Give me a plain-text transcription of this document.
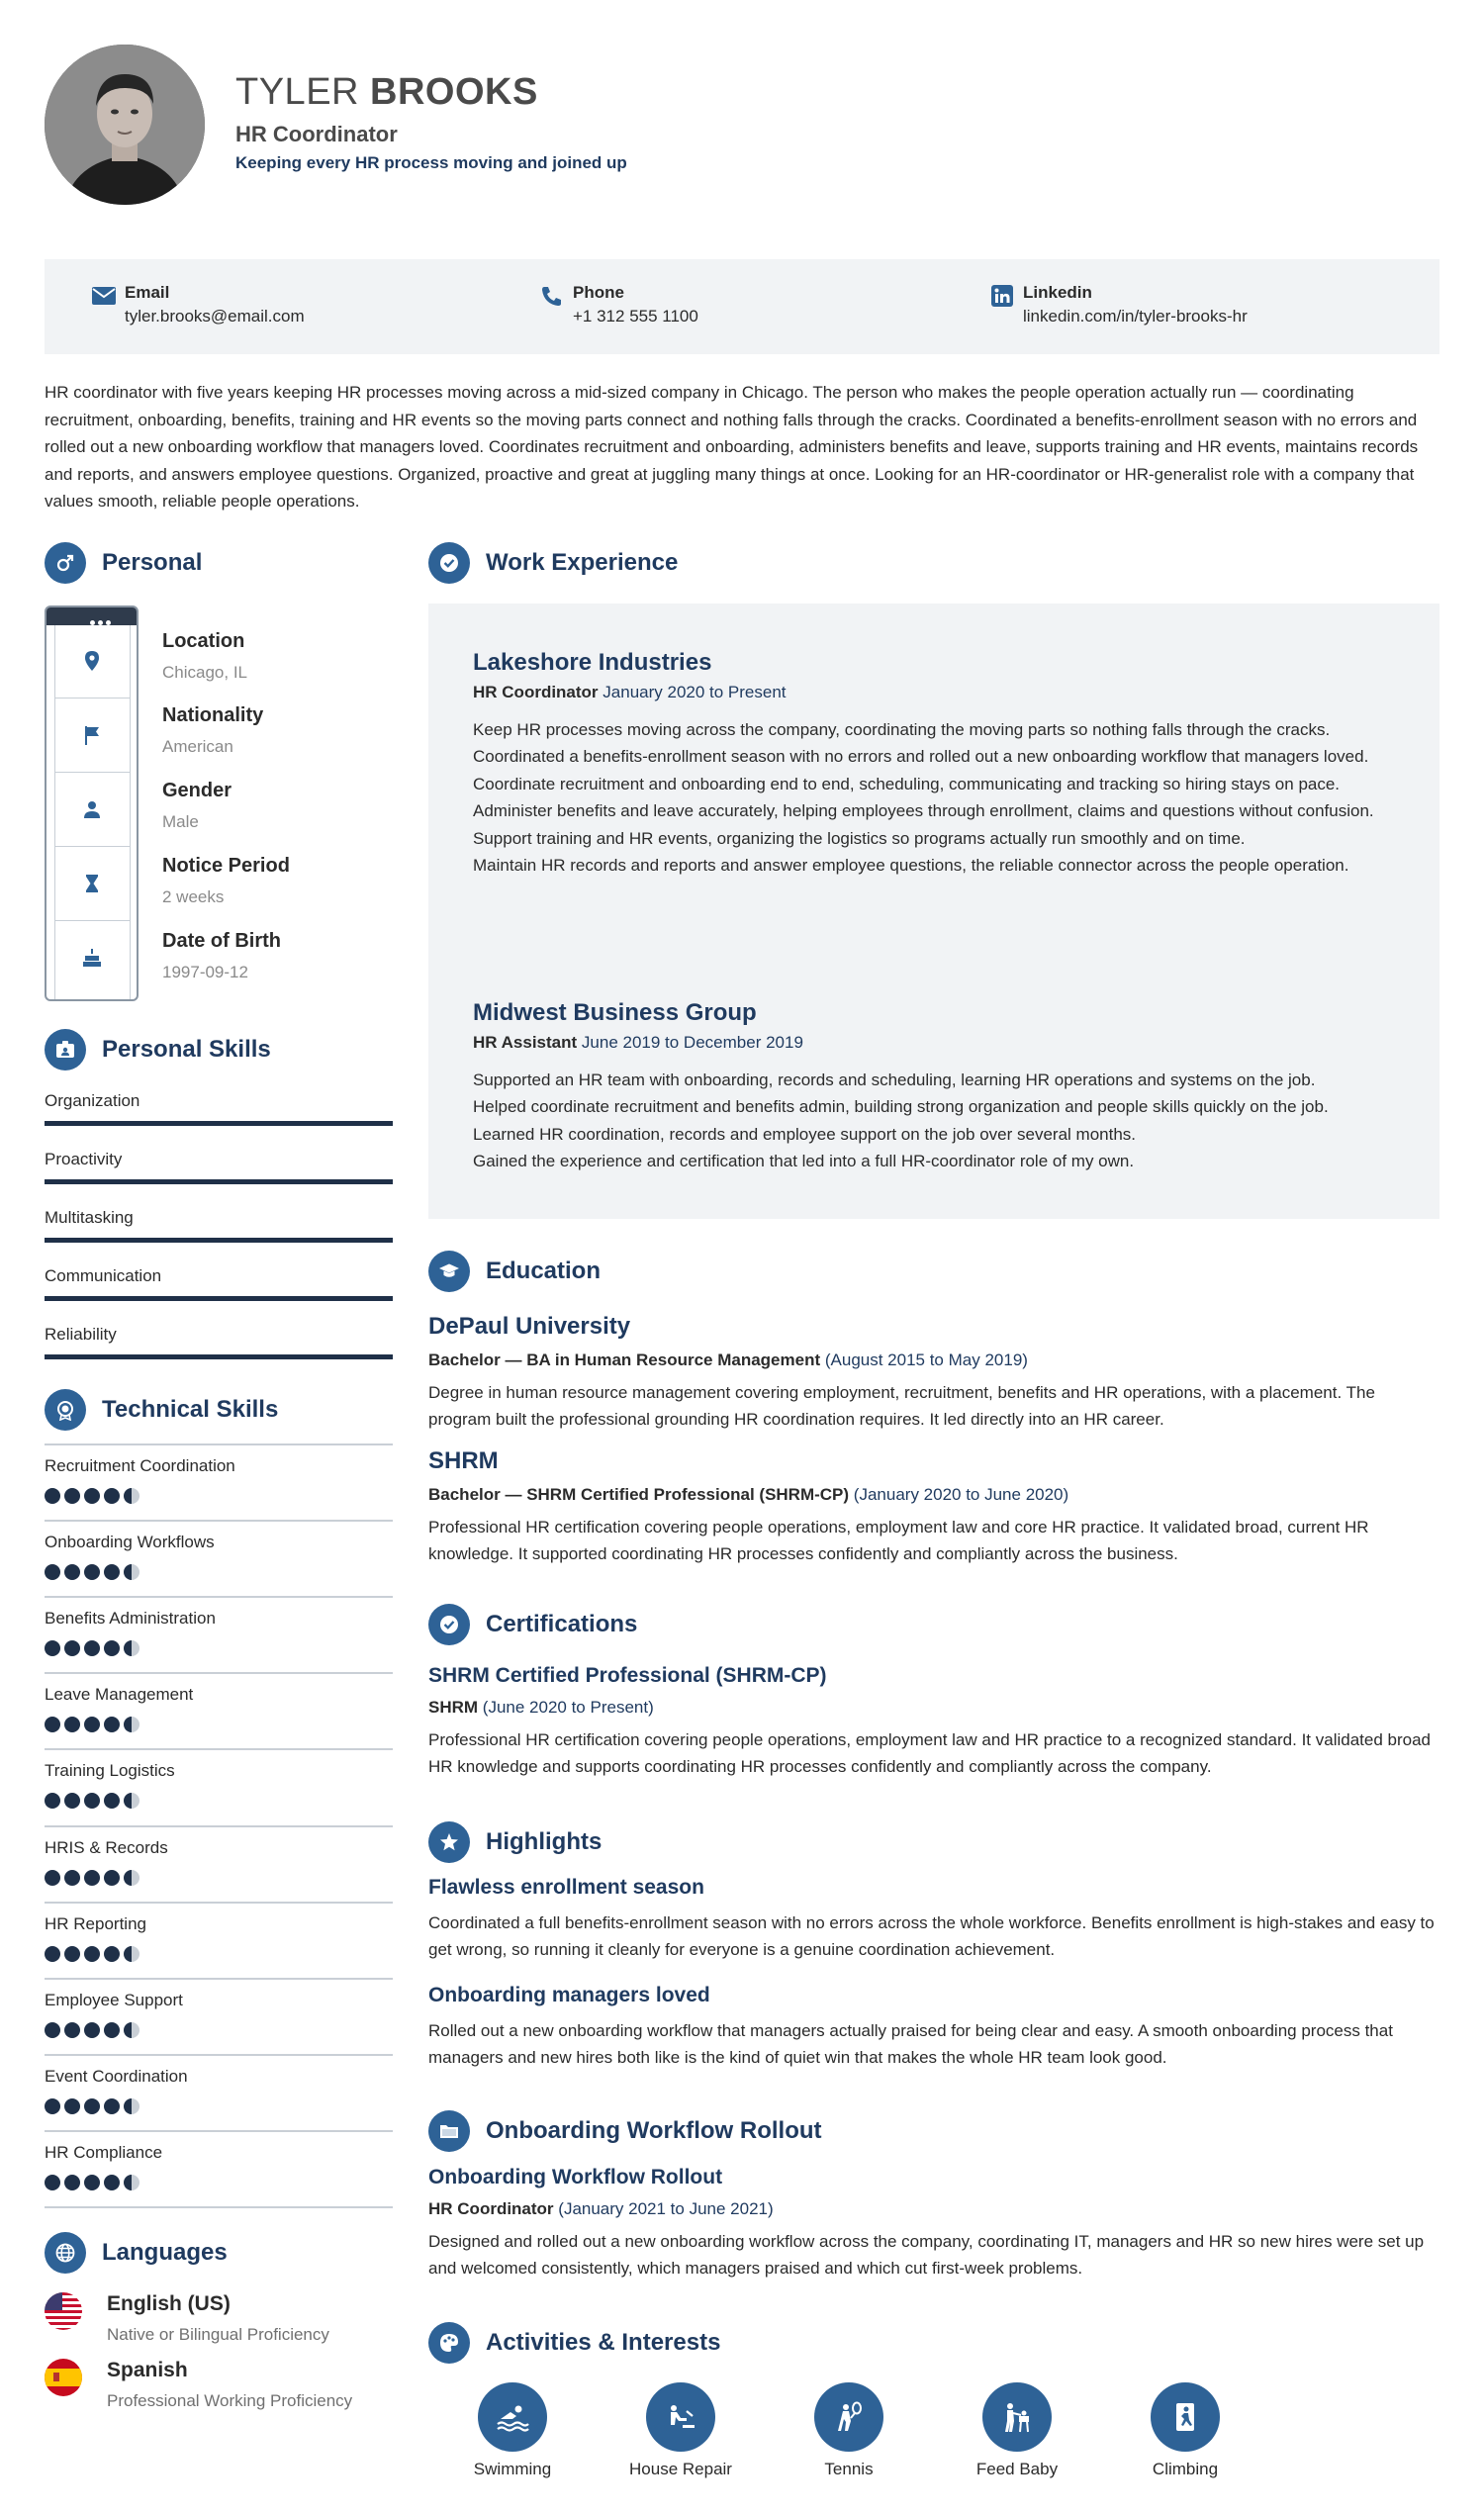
TYLER BROOKS
HR Coordinator
Keeping every HR process moving and joined up
Email
tyler.brooks@email.com
Phone
+1 312 555 1100
Linkedin
linkedin.com/in/tyler-brooks-hr
HR coordinator with five years keeping HR processes moving across a mid-sized company in Chicago. The person who makes the people operation actually run — coordinating recruitment, onboarding, benefits, training and HR events so the moving parts connect and nothing falls through the cracks. Coordinated a benefits-enrollment season with no errors and rolled out a new onboarding workflow that managers loved. Coordinates recruitment and onboarding, administers benefits and leave, supports training and HR events, maintains records and reports, and answers employee questions. Organized, proactive and great at juggling many things at once. Looking for an HR-coordinator or HR-generalist role with a company that values smooth, reliable people operations.
Personal
Location
Chicago, IL
Nationality
American
Gender
Male
Notice Period
2 weeks
Date of Birth
1997-09-12
Personal Skills
Organization
Proactivity
Multitasking
Communication
Reliability
Technical Skills
Recruitment Coordination
Onboarding Workflows
Benefits Administration
Leave Management
Training Logistics
HRIS & Records
HR Reporting
Employee Support
Event Coordination
HR Compliance
Languages
English (US)
Native or Bilingual Proficiency
Spanish
Professional Working Proficiency
Work Experience
Lakeshore Industries
HR Coordinator January 2020 to Present
Keep HR processes moving across the company, coordinating the moving parts so nothing falls through the cracks.
Coordinated a benefits-enrollment season with no errors and rolled out a new onboarding workflow that managers loved.
Coordinate recruitment and onboarding end to end, scheduling, communicating and tracking so hiring stays on pace.
Administer benefits and leave accurately, helping employees through enrollment, claims and questions without confusion.
Support training and HR events, organizing the logistics so programs actually run smoothly and on time.
Maintain HR records and reports and answer employee questions, the reliable connector across the people operation.
Midwest Business Group
HR Assistant June 2019 to December 2019
Supported an HR team with onboarding, records and scheduling, learning HR operations and systems on the job.
Helped coordinate recruitment and benefits admin, building strong organization and people skills quickly on the job.
Learned HR coordination, records and employee support on the job over several months.
Gained the experience and certification that led into a full HR-coordinator role of my own.
Education
DePaul University
Bachelor — BA in Human Resource Management (August 2015 to May 2019)
Degree in human resource management covering employment, recruitment, benefits and HR operations, with a placement. The program built the professional grounding HR coordination requires. It led directly into an HR career.
SHRM
Bachelor — SHRM Certified Professional (SHRM-CP) (January 2020 to June 2020)
Professional HR certification covering people operations, employment law and core HR practice. It validated broad, current HR knowledge. It supported coordinating HR processes confidently and compliantly across the business.
Certifications
SHRM Certified Professional (SHRM-CP)
SHRM (June 2020 to Present)
Professional HR certification covering people operations, employment law and HR practice to a recognized standard. It validated broad HR knowledge and supports coordinating HR processes confidently and compliantly across the company.
Highlights
Flawless enrollment season
Coordinated a full benefits-enrollment season with no errors across the whole workforce. Benefits enrollment is high-stakes and easy to get wrong, so running it cleanly for everyone is a genuine coordination achievement.
Onboarding managers loved
Rolled out a new onboarding workflow that managers actually praised for being clear and easy. A smooth onboarding process that managers and new hires both like is the kind of quiet win that makes the whole HR team look good.
Onboarding Workflow Rollout
Onboarding Workflow Rollout
HR Coordinator (January 2021 to June 2021)
Designed and rolled out a new onboarding workflow across the company, coordinating IT, managers and HR so new hires were set up and welcomed consistently, which managers praised and which cut first-week problems.
Activities & Interests
Swimming	House Repair	Tennis	Feed Baby	Climbing
